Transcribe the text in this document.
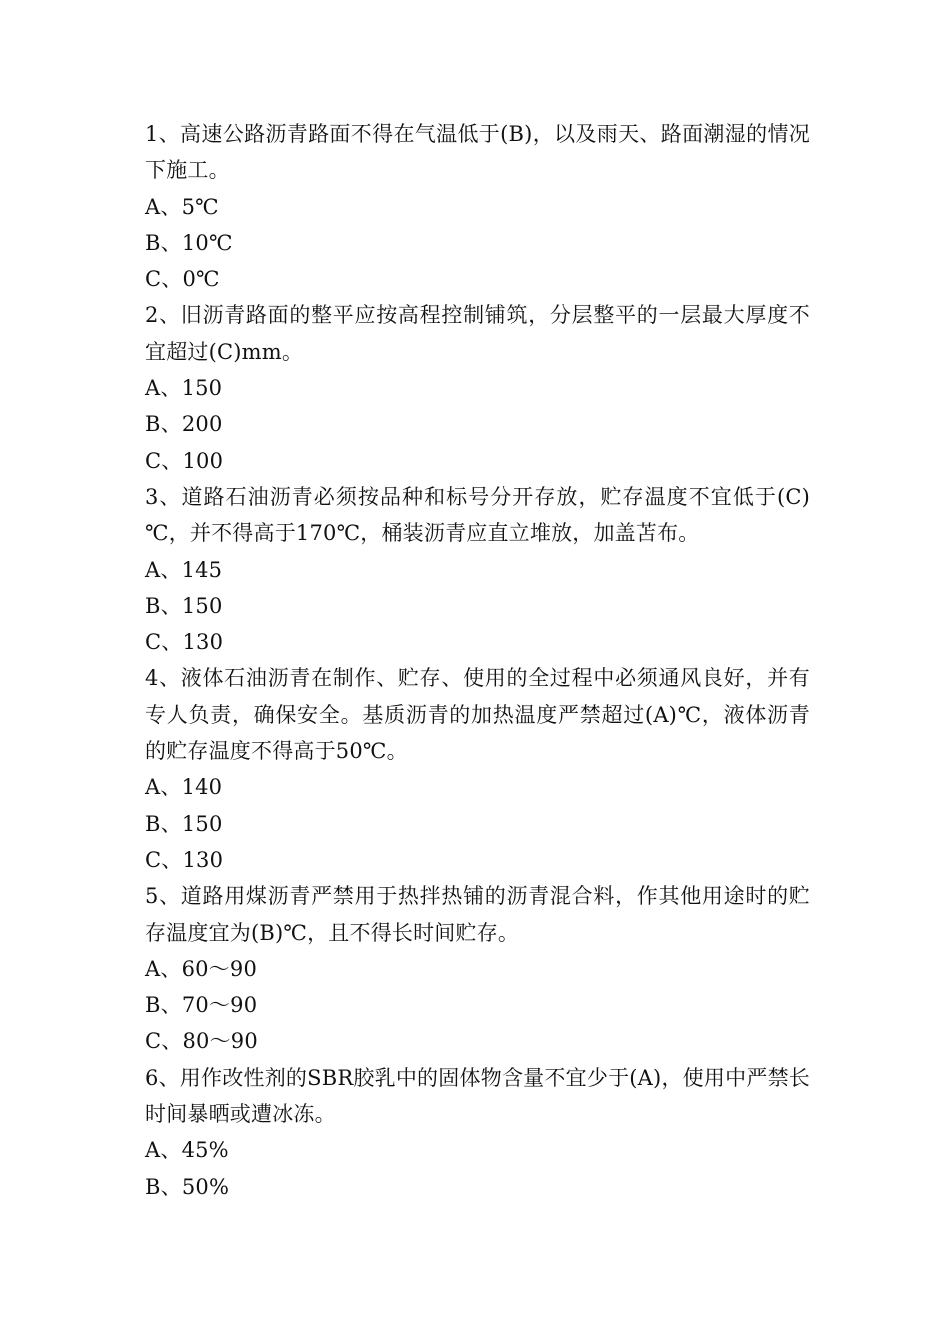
1、高速公路沥青路面不得在气温低于(B)，以及雨天、路面潮湿的情况下施工。

A、5℃

B、10℃

C、0℃

2、旧沥青路面的整平应按高程控制铺筑，分层整平的一层最大厚度不宜超过(C)mm。

A、150

B、200

C、100

3、道路石油沥青必须按品种和标号分开存放，贮存温度不宜低于(C)℃，并不得高于170℃，桶装沥青应直立堆放，加盖苫布。

A、145

B、150

C、130

4、液体石油沥青在制作、贮存、使用的全过程中必须通风良好，并有专人负责，确保安全。基质沥青的加热温度严禁超过(A)℃，液体沥青的贮存温度不得高于50℃。

A、140

B、150

C、130

5、道路用煤沥青严禁用于热拌热铺的沥青混合料，作其他用途时的贮存温度宜为(B)℃，且不得长时间贮存。

A、60～90

B、70～90

C、80～90

6、用作改性剂的SBR胶乳中的固体物含量不宜少于(A)，使用中严禁长时间暴晒或遭冰冻。

A、45%

B、50%
